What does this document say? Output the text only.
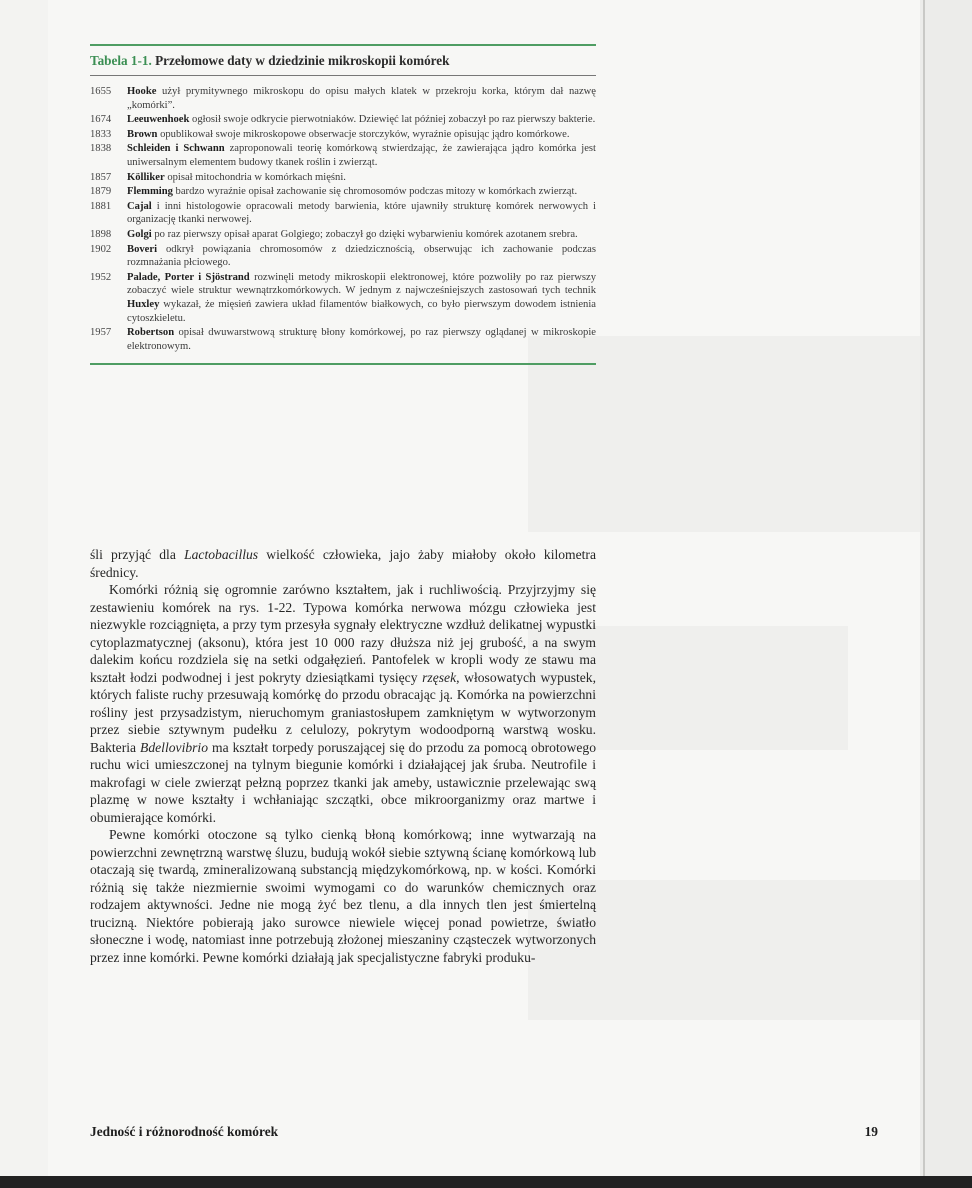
Tabela 1-1. Przełomowe daty w dziedzinie mikroskopii komórek
1655	Hooke użył prymitywnego mikroskopu do opisu małych klatek w przekroju korka, którym dał nazwę „komórki”.
1674	Leeuwenhoek ogłosił swoje odkrycie pierwotniaków. Dziewięć lat później zobaczył po raz pierwszy bakterie.
1833	Brown opublikował swoje mikroskopowe obserwacje storczyków, wyraźnie opisując jądro komórkowe.
1838	Schleiden i Schwann zaproponowali teorię komórkową stwierdzając, że zawierająca jądro komórka jest uniwersalnym elementem budowy tkanek roślin i zwierząt.
1857	Kölliker opisał mitochondria w komórkach mięśni.
1879	Flemming bardzo wyraźnie opisał zachowanie się chromosomów podczas mitozy w komórkach zwierząt.
1881	Cajal i inni histologowie opracowali metody barwienia, które ujawniły strukturę komórek nerwowych i organizację tkanki nerwowej.
1898	Golgi po raz pierwszy opisał aparat Golgiego; zobaczył go dzięki wybarwieniu komórek azotanem srebra.
1902	Boveri odkrył powiązania chromosomów z dziedzicznością, obserwując ich zachowanie podczas rozmnażania płciowego.
1952	Palade, Porter i Sjöstrand rozwinęli metody mikroskopii elektronowej, które pozwoliły po raz pierwszy zobaczyć wiele struktur wewnątrzkomórkowych. W jednym z najwcześniejszych zastosowań tych technik Huxley wykazał, że mięsień zawiera układ filamentów białkowych, co było pierwszym dowodem istnienia cytoszkieletu.
1957	Robertson opisał dwuwarstwową strukturę błony komórkowej, po raz pierwszy oglądanej w mikroskopie elektronowym.

śli przyjąć dla Lactobacillus wielkość człowieka, jajo żaby miałoby około kilometra średnicy.

Komórki różnią się ogromnie zarówno kształtem, jak i ruchliwością. Przyjrzyjmy się zestawieniu komórek na rys. 1-22. Typowa komórka nerwowa mózgu człowieka jest niezwykle rozciągnięta, a przy tym przesyła sygnały elektryczne wzdłuż delikatnej wypustki cytoplazmatycznej (aksonu), która jest 10 000 razy dłuższa niż jej grubość, a na swym dalekim końcu rozdziela się na setki odgałęzień. Pantofelek w kropli wody ze stawu ma kształt łodzi podwodnej i jest pokryty dziesiątkami tysięcy rzęsek, włosowatych wypustek, których faliste ruchy przesuwają komórkę do przodu obracając ją. Komórka na powierzchni rośliny jest przysadzistym, nieruchomym graniastosłupem zamkniętym w wytworzonym przez siebie sztywnym pudełku z celulozy, pokrytym wodoodporną warstwą wosku. Bakteria Bdellovibrio ma kształt torpedy poruszającej się do przodu za pomocą obrotowego ruchu wici umieszczonej na tylnym biegunie komórki i działającej jak śruba. Neutrofile i makrofagi w ciele zwierząt pełzną poprzez tkanki jak ameby, ustawicznie przelewając swą plazmę w nowe kształty i wchłaniając szczątki, obce mikroorganizmy oraz martwe i obumierające komórki.

Pewne komórki otoczone są tylko cienką błoną komórkową; inne wytwarzają na powierzchni zewnętrzną warstwę śluzu, budują wokół siebie sztywną ścianę komórkową lub otaczają się twardą, zmineralizowaną substancją międzykomórkową, np. w kości. Komórki różnią się także niezmiernie swoimi wymogami co do warunków chemicznych oraz rodzajem aktywności. Jedne nie mogą żyć bez tlenu, a dla innych tlen jest śmiertelną trucizną. Niektóre pobierają jako surowce niewiele więcej ponad powietrze, światło słoneczne i wodę, natomiast inne potrzebują złożonej mieszaniny cząsteczek wytworzonych przez inne komórki. Pewne komórki działają jak specjalistyczne fabryki produku-

Jedność i różnorodność komórek	19
